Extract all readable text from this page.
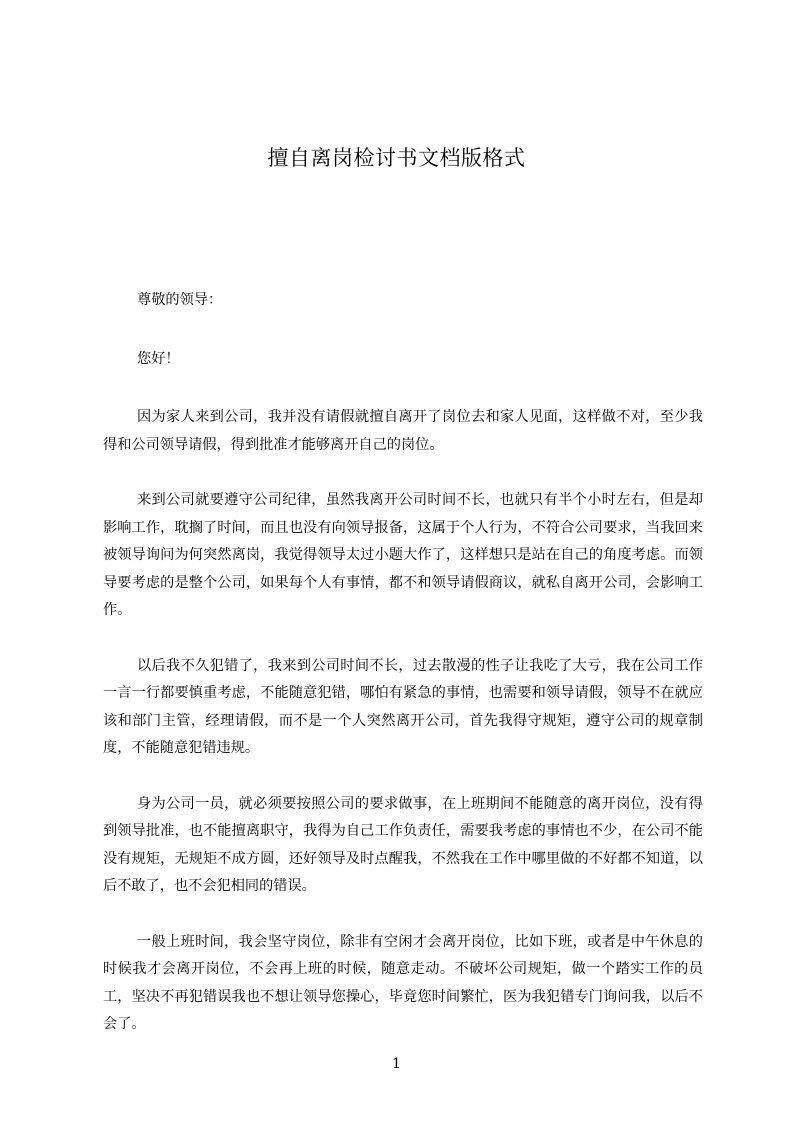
擅自离岗检讨书文档版格式

尊敬的领导：

您好！

因为家人来到公司，我并没有请假就擅自离开了岗位去和家人见面，这样做不对，至少我得和公司领导请假，得到批准才能够离开自己的岗位。

来到公司就要遵守公司纪律，虽然我离开公司时间不长，也就只有半个小时左右，但是却影响工作，耽搁了时间，而且也没有向领导报备，这属于个人行为，不符合公司要求，当我回来被领导询问为何突然离岗，我觉得领导太过小题大作了，这样想只是站在自己的角度考虑。而领导要考虑的是整个公司，如果每个人有事情，都不和领导请假商议，就私自离开公司，会影响工作。

以后我不久犯错了，我来到公司时间不长，过去散漫的性子让我吃了大亏，我在公司工作一言一行都要慎重考虑，不能随意犯错，哪怕有紧急的事情，也需要和领导请假，领导不在就应该和部门主管，经理请假，而不是一个人突然离开公司，首先我得守规矩，遵守公司的规章制度，不能随意犯错违规。

身为公司一员，就必须要按照公司的要求做事，在上班期间不能随意的离开岗位，没有得到领导批准，也不能擅离职守，我得为自己工作负责任，需要我考虑的事情也不少，在公司不能没有规矩，无规矩不成方圆，还好领导及时点醒我，不然我在工作中哪里做的不好都不知道，以后不敢了，也不会犯相同的错误。

一般上班时间，我会坚守岗位，除非有空闲才会离开岗位，比如下班，或者是中午休息的时候我才会离开岗位，不会再上班的时候，随意走动。不破坏公司规矩，做一个踏实工作的员工，坚决不再犯错误我也不想让领导您操心，毕竟您时间繁忙，医为我犯错专门询问我，以后不会了。

1
